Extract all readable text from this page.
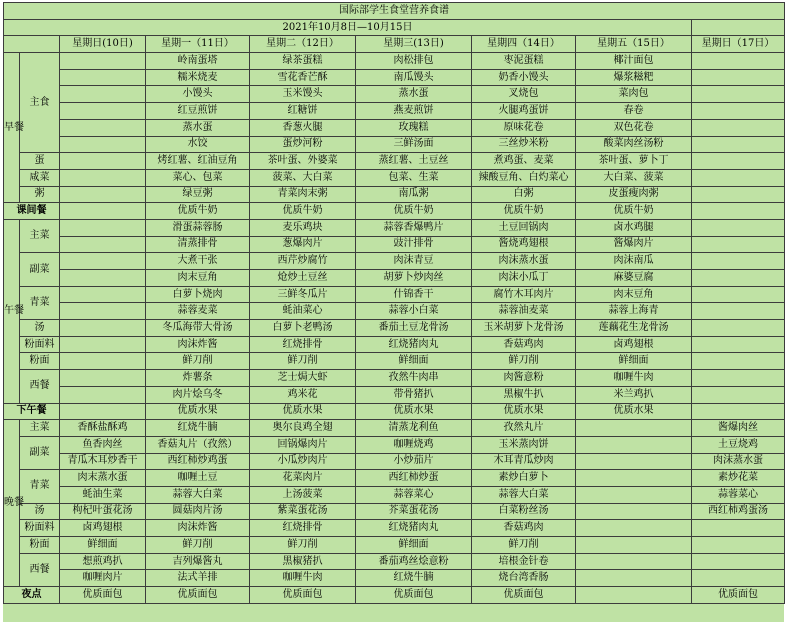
国际部学生食堂营养食谱								
2021年10月8日—10月15日								
		星期日(10日)	星期一（11日）	星期二（12日）	星期三(13日)	星期四（14日）	星期五（15日）	星期日（17日）
早餐	主食		岭南蛋塔	绿茶蛋糕	肉松排包	枣泥蛋糕	椰汁面包	
			糯米烧麦	雪花香芒酥	南瓜馒头	奶香小馒头	爆浆糍粑	
			小馒头	玉米馒头	蒸水蛋	叉烧包	菜肉包	
			红豆煎饼	红糖饼	燕麦煎饼	火腿鸡蛋饼	春卷	
			蒸水蛋	香葱火腿	玫瑰糕	原味花卷	双色花卷	
			水饺	蛋炒河粉	三鲜汤面	三丝炒米粉	酸菜肉丝汤粉	
	蛋		烤红薯、红油豆角	茶叶蛋、外婆菜	蒸红薯、土豆丝	煮鸡蛋、麦菜	茶叶蛋、萝卜丁	
	咸菜		菜心、包菜	菠菜、大白菜	包菜、生菜	辣酸豆角、白灼菜心	大白菜、菠菜	
	粥		绿豆粥	青菜肉末粥	南瓜粥	白粥	皮蛋瘦肉粥	
课间餐			优质牛奶	优质牛奶	优质牛奶	优质牛奶	优质牛奶	
午餐	主菜		滑蛋蒜蓉肠	麦乐鸡块	蒜蓉香爆鸭片	土豆回锅肉	卤水鸡腿	
			清蒸排骨	葱爆肉片	豉汁排骨	酱烧鸡翅根	酱爆肉片	
	副菜		大煮干张	西芹炒腐竹	肉沫青豆	肉沫蒸水蛋	肉沫南瓜	
			肉末豆角	炝炒土豆丝	胡萝卜炒肉丝	肉沫小瓜丁	麻婆豆腐	
	青菜		白萝卜烧肉	三鲜冬瓜片	什锦香干	腐竹木耳肉片	肉末豆角	
			蒜蓉麦菜	蚝油菜心	蒜蓉小白菜	蒜蓉油麦菜	蒜蓉上海青	
	汤		冬瓜海带大骨汤	白萝卜老鸭汤	番茄土豆龙骨汤	玉米胡萝卜龙骨汤	莲藕花生龙骨汤	
	粉面料		肉沫炸酱	红烧排骨	红烧猪肉丸	香菇鸡肉	卤鸡翅根	
	粉面		鲜刀削	鲜刀削	鲜细面	鲜刀削	鲜细面	
	西餐		炸薯条	芝士焗大虾	孜然牛肉串	肉酱意粉	咖喱牛肉	
			肉片烩乌冬	鸡米花	带骨猪扒	黑椒牛扒	米兰鸡扒	
下午餐			优质水果	优质水果	优质水果	优质水果	优质水果	
晚餐	主菜	香酥盐酥鸡	红烧牛腩	奥尔良鸡全翅	清蒸龙利鱼	孜然丸片		酱爆肉丝
	副菜	鱼香肉丝	香菇丸片（孜然）	回锅爆肉片	咖喱烧鸡	玉米蒸肉饼		土豆烧鸡
		青瓜木耳炒香干	西红柿炒鸡蛋	小瓜炒肉片	小炒茄片	木耳青瓜炒肉		肉沫蒸水蛋
	青菜	肉末蒸水蛋	咖喱土豆	花菜肉片	西红柿炒蛋	素炒白萝卜		素炒花菜
		蚝油生菜	蒜蓉大白菜	上汤菠菜	蒜蓉菜心	蒜蓉大白菜		蒜蓉菜心
	汤	枸杞叶蛋花汤	圆菇肉片汤	紫菜蛋花汤	芥菜蛋花汤	白菜粉丝汤		西红柿鸡蛋汤
	粉面料	卤鸡翅根	肉沫炸酱	红烧排骨	红烧猪肉丸	香菇鸡肉		
	粉面	鲜细面	鲜刀削	鲜刀削	鲜细面	鲜刀削		
	西餐	想煎鸡扒	吉列爆酱丸	黑椒猪扒	番茄鸡丝烩意粉	培根金针卷		
		咖喱肉片	法式羊排	咖喱牛肉	红烧牛腩	烧台湾香肠		
夜点		优质面包	优质面包	优质面包	优质面包	优质面包		优质面包
